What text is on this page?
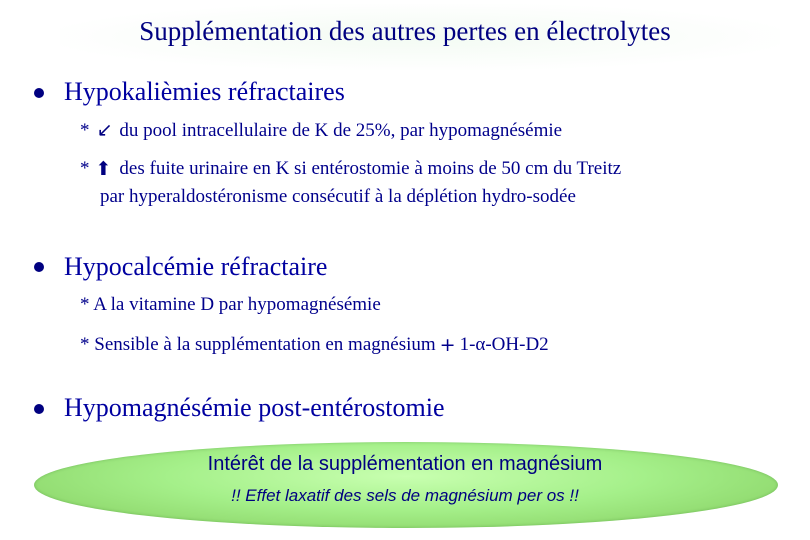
Supplémentation des autres pertes en électrolytes
Hypokalièmies réfractaires
* ↓ du pool intracellulaire de K de 25%, par hypomagnésémie
* ⬆ des fuite urinaire en K si entérostomie à moins de 50 cm du Treitz
par hyperaldostéronisme consécutif à la déplétion hydro-sodée
Hypocalcémie réfractaire
* A la vitamine D par hypomagnésémie
* Sensible à la supplémentation en magnésium + 1-α-OH-D2
Hypomagnésémie post-entérostomie
Intérêt de la supplémentation en magnésium
!! Effet laxatif des sels de magnésium per os !!
